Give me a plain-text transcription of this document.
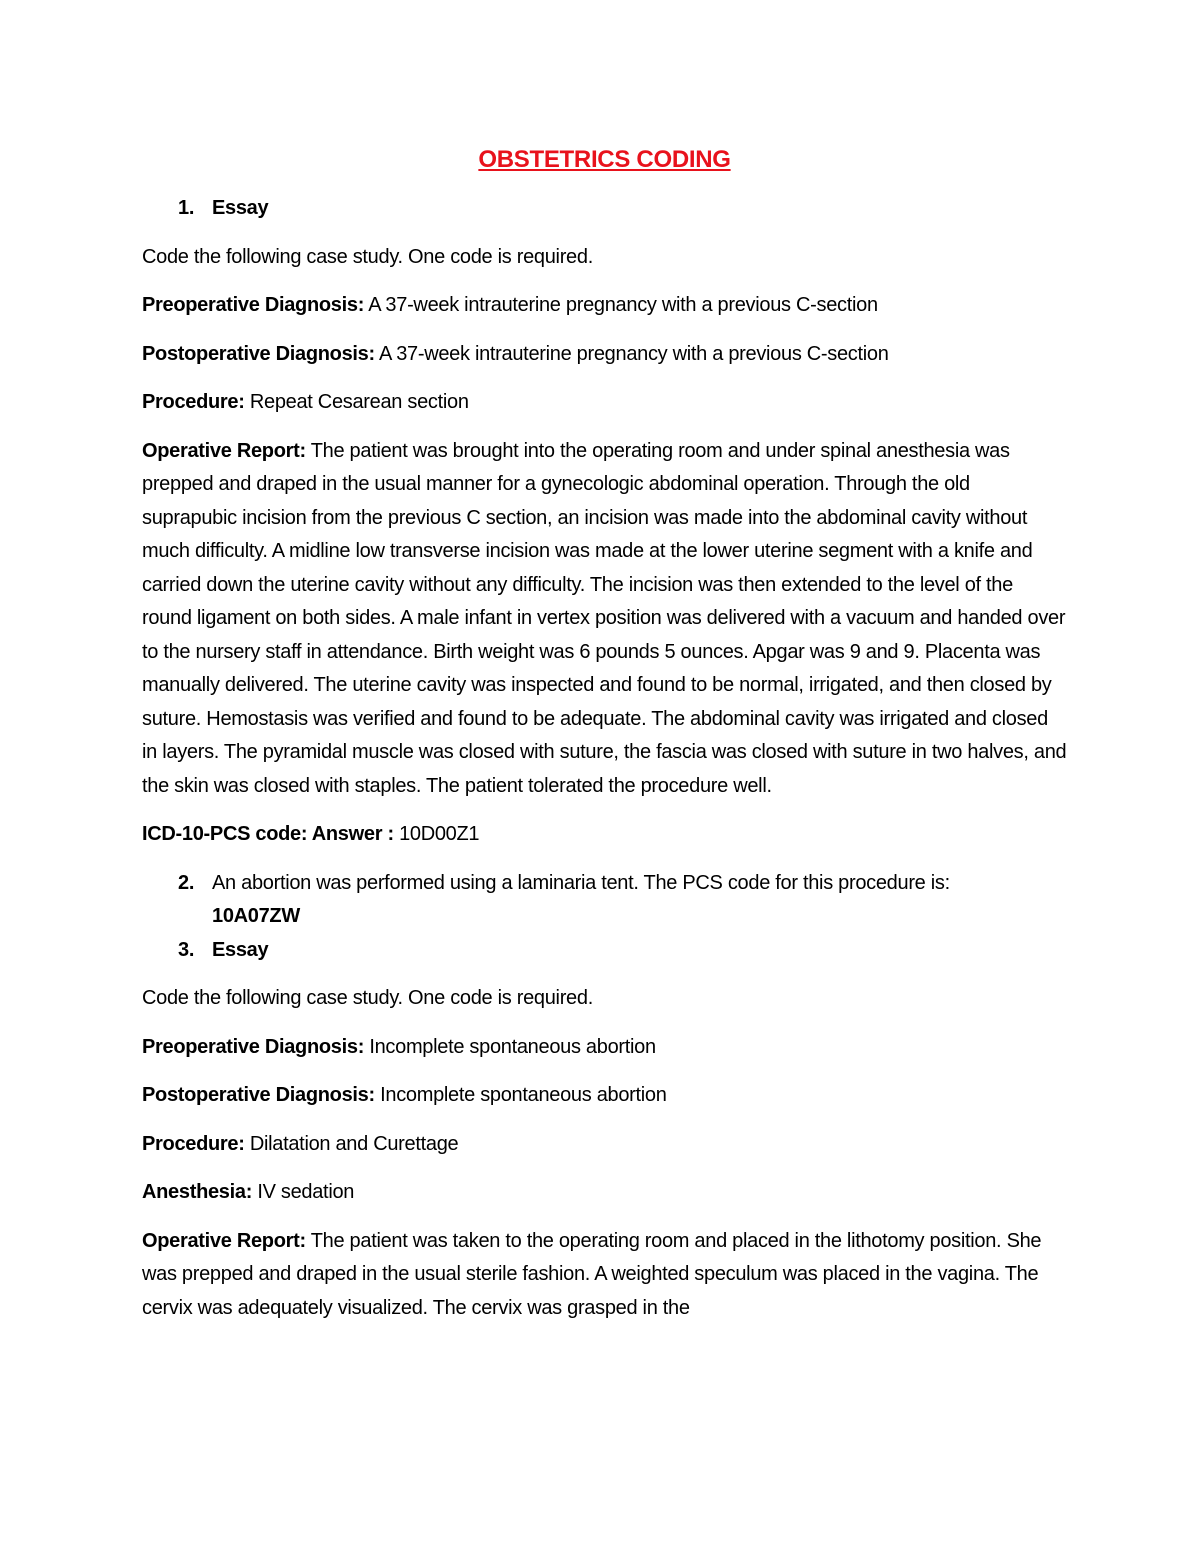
OBSTETRICS CODING
1. Essay

Code the following case study. One code is required.

Preoperative Diagnosis: A 37-week intrauterine pregnancy with a previous C-section

Postoperative Diagnosis: A 37-week intrauterine pregnancy with a previous C-section

Procedure: Repeat Cesarean section

Operative Report: The patient was brought into the operating room and under spinal anesthesia was prepped and draped in the usual manner for a gynecologic abdominal operation. Through the old suprapubic incision from the previous C section, an incision was made into the abdominal cavity without much difficulty. A midline low transverse incision was made at the lower uterine segment with a knife and carried down the uterine cavity without any difficulty. The incision was then extended to the level of the round ligament on both sides. A male infant in vertex position was delivered with a vacuum and handed over to the nursery staff in attendance. Birth weight was 6 pounds 5 ounces. Apgar was 9 and 9. Placenta was manually delivered. The uterine cavity was inspected and found to be normal, irrigated, and then closed by suture. Hemostasis was verified and found to be adequate. The abdominal cavity was irrigated and closed in layers. The pyramidal muscle was closed with suture, the fascia was closed with suture in two halves, and the skin was closed with staples. The patient tolerated the procedure well.

ICD-10-PCS code: Answer : 10D00Z1

2. An abortion was performed using a laminaria tent. The PCS code for this procedure is:
10A07ZW
3. Essay

Code the following case study. One code is required.

Preoperative Diagnosis: Incomplete spontaneous abortion

Postoperative Diagnosis: Incomplete spontaneous abortion

Procedure: Dilatation and Curettage

Anesthesia: IV sedation

Operative Report: The patient was taken to the operating room and placed in the lithotomy position. She was prepped and draped in the usual sterile fashion. A weighted speculum was placed in the vagina. The cervix was adequately visualized. The cervix was grasped in the
